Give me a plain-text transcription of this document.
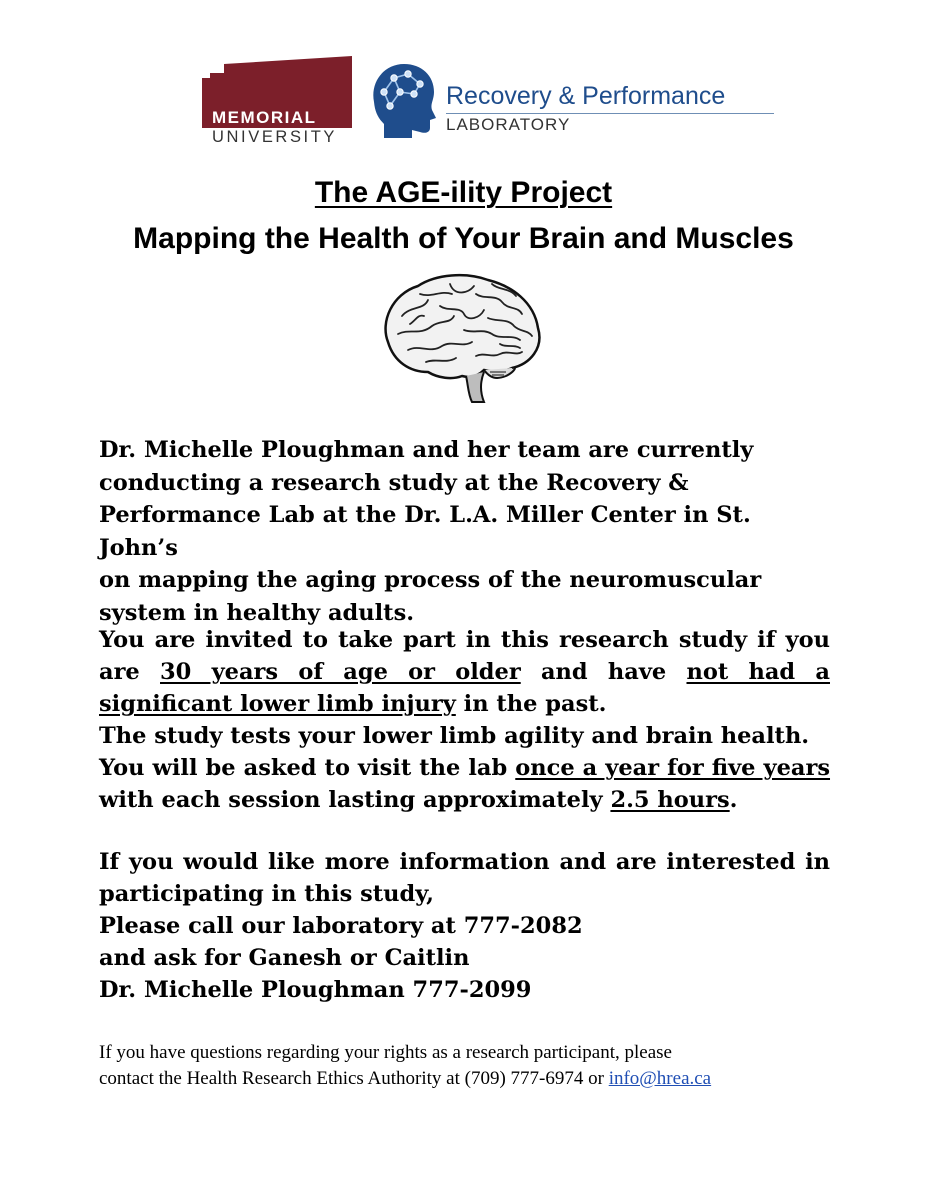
MEMORIAL
UNIVERSITY
Recovery & Performance
LABORATORY
The AGE-ility Project
Mapping the Health of Your Brain and Muscles
Dr. Michelle Ploughman and her team are currently
conducting a research study at the Recovery &
Performance Lab at the Dr. L.A. Miller Center in St. John’s
on mapping the aging process of the neuromuscular
system in healthy adults.
You are invited to take part in this research study if you are 30 years of age or older and have not had a significant lower limb injury in the past.
The study tests your lower limb agility and brain health.
You will be asked to visit the lab once a year for five years with each session lasting approximately 2.5 hours.
If you would like more information and are interested in participating in this study,
Please call our laboratory at 777-2082
and ask for Ganesh or Caitlin
Dr. Michelle Ploughman 777-2099
If you have questions regarding your rights as a research participant, please
contact the Health Research Ethics Authority at (709) 777-6974 or info@hrea.ca
